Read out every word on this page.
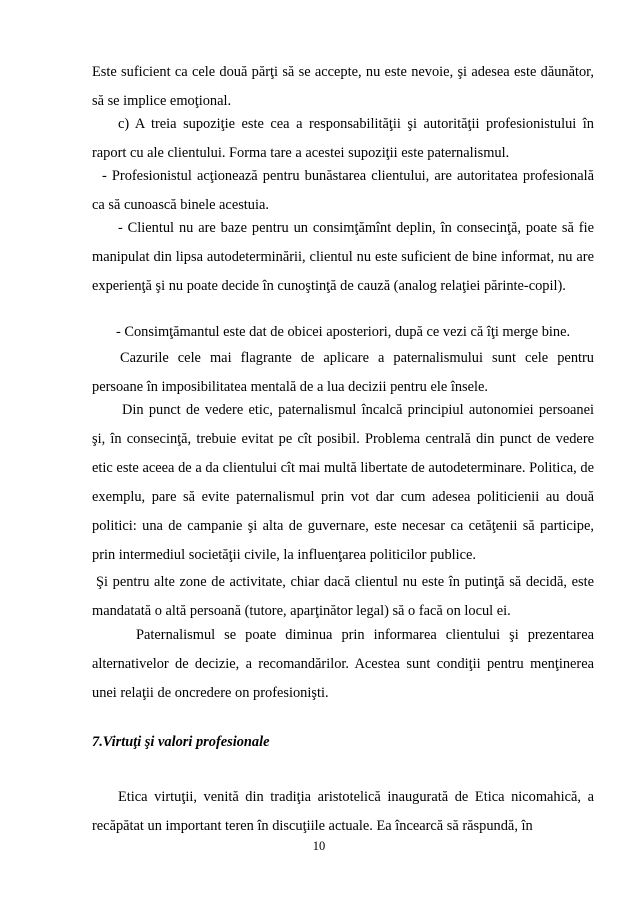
Este suficient ca cele două părţi să se accepte, nu este nevoie, şi adesea este dăunător, să se implice emoţional.

c) A treia supoziţie este cea a responsabilităţii şi autorităţii profesionistului în raport cu ale clientului. Forma tare a acestei supoziţii este paternalismul.

- Profesionistul acţionează pentru bunăstarea clientului, are autoritatea profesională ca să cunoască binele acestuia.

- Clientul nu are baze pentru un consimţămînt deplin, în consecinţă, poate să fie manipulat din lipsa autodeterminării, clientul nu este suficient de bine informat, nu are experienţă şi nu poate decide în cunoştinţă de cauză (analog relaţiei părinte-copil).

- Consimţămantul este dat de obicei aposteriori, după ce vezi că îţi merge bine.

Cazurile cele mai flagrante de aplicare a paternalismului sunt cele pentru persoane în imposibilitatea mentală de a lua decizii pentru ele însele.

Din punct de vedere etic, paternalismul încalcă principiul autonomiei persoanei şi, în consecinţă, trebuie evitat pe cît posibil. Problema centrală din punct de vedere etic este aceea de a da clientului cît mai multă libertate de autodeterminare. Politica, de exemplu, pare să evite paternalismul prin vot dar cum adesea politicienii au două politici: una de campanie şi alta de guvernare, este necesar ca cetăţenii să participe, prin intermediul societăţii civile, la influenţarea politicilor publice.

Şi pentru alte zone de activitate, chiar dacă clientul nu este în putinţă să decidă, este mandatată o altă persoană (tutore, aparţinător legal) să o facă on locul ei.

Paternalismul se poate diminua prin informarea clientului şi prezentarea alternativelor de decizie, a recomandărilor. Acestea sunt condiţii pentru menţinerea unei relaţii de oncredere on profesionişti.

7.Virtuţi şi valori profesionale

Etica virtuţii, venită din tradiţia aristotelică inaugurată de Etica nicomahică, a recăpătat un important teren în discuţiile actuale. Ea încearcă să răspundă, în

10
